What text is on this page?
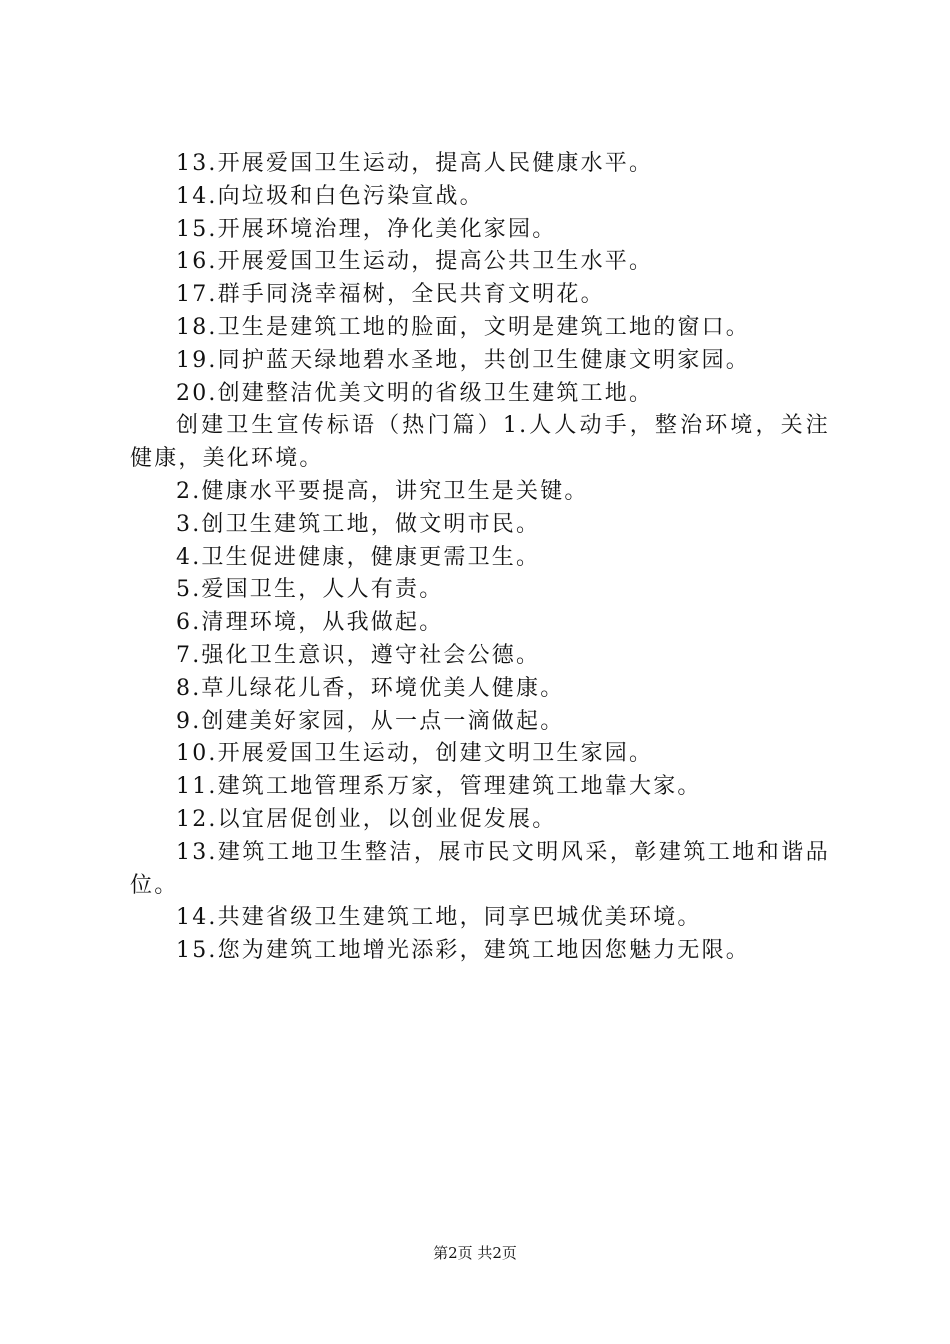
13.开展爱国卫生运动，提高人民健康水平。
14.向垃圾和白色污染宣战。
15.开展环境治理，净化美化家园。
16.开展爱国卫生运动，提高公共卫生水平。
17.群手同浇幸福树，全民共育文明花。
18.卫生是建筑工地的脸面，文明是建筑工地的窗口。
19.同护蓝天绿地碧水圣地，共创卫生健康文明家园。
20.创建整洁优美文明的省级卫生建筑工地。
创建卫生宣传标语（热门篇）1.人人动手，整治环境，关注健康，美化环境。
2.健康水平要提高，讲究卫生是关键。
3.创卫生建筑工地，做文明市民。
4.卫生促进健康，健康更需卫生。
5.爱国卫生，人人有责。
6.清理环境，从我做起。
7.强化卫生意识，遵守社会公德。
8.草儿绿花儿香，环境优美人健康。
9.创建美好家园，从一点一滴做起。
10.开展爱国卫生运动，创建文明卫生家园。
11.建筑工地管理系万家，管理建筑工地靠大家。
12.以宜居促创业，以创业促发展。
13.建筑工地卫生整洁，展市民文明风采，彰建筑工地和谐品位。
14.共建省级卫生建筑工地，同享巴城优美环境。
15.您为建筑工地增光添彩，建筑工地因您魅力无限。
第2页 共2页
